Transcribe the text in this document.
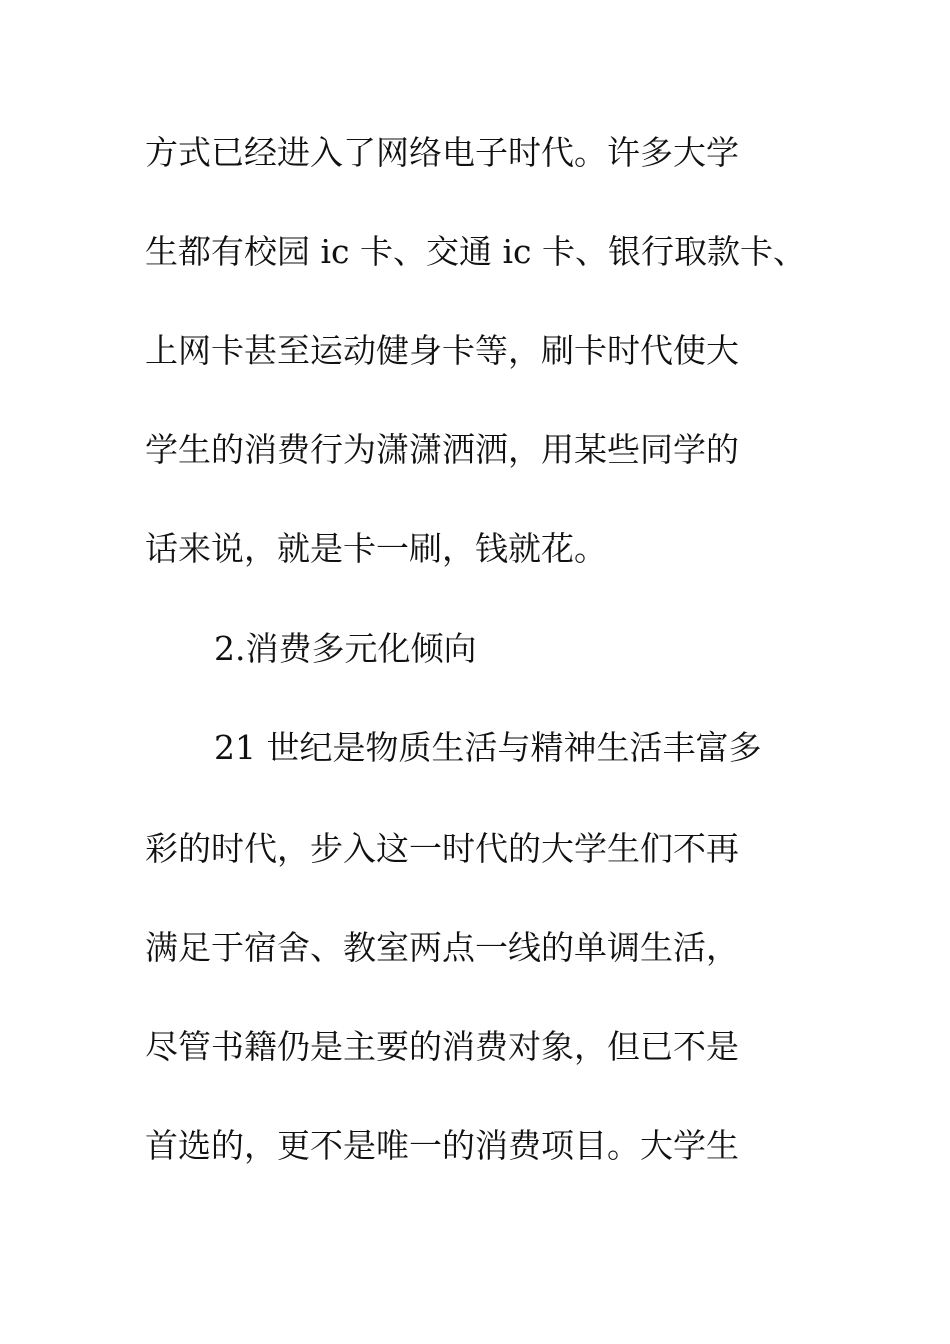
方式已经进入了网络电子时代。许多大学
生都有校园 ic 卡、交通 ic 卡、银行取款卡、
上网卡甚至运动健身卡等，刷卡时代使大
学生的消费行为潇潇洒洒，用某些同学的
话来说，就是卡一刷，钱就花。
2.消费多元化倾向
21 世纪是物质生活与精神生活丰富多
彩的时代，步入这一时代的大学生们不再
满足于宿舍、教室两点一线的单调生活，
尽管书籍仍是主要的消费对象，但已不是
首选的，更不是唯一的消费项目。大学生
